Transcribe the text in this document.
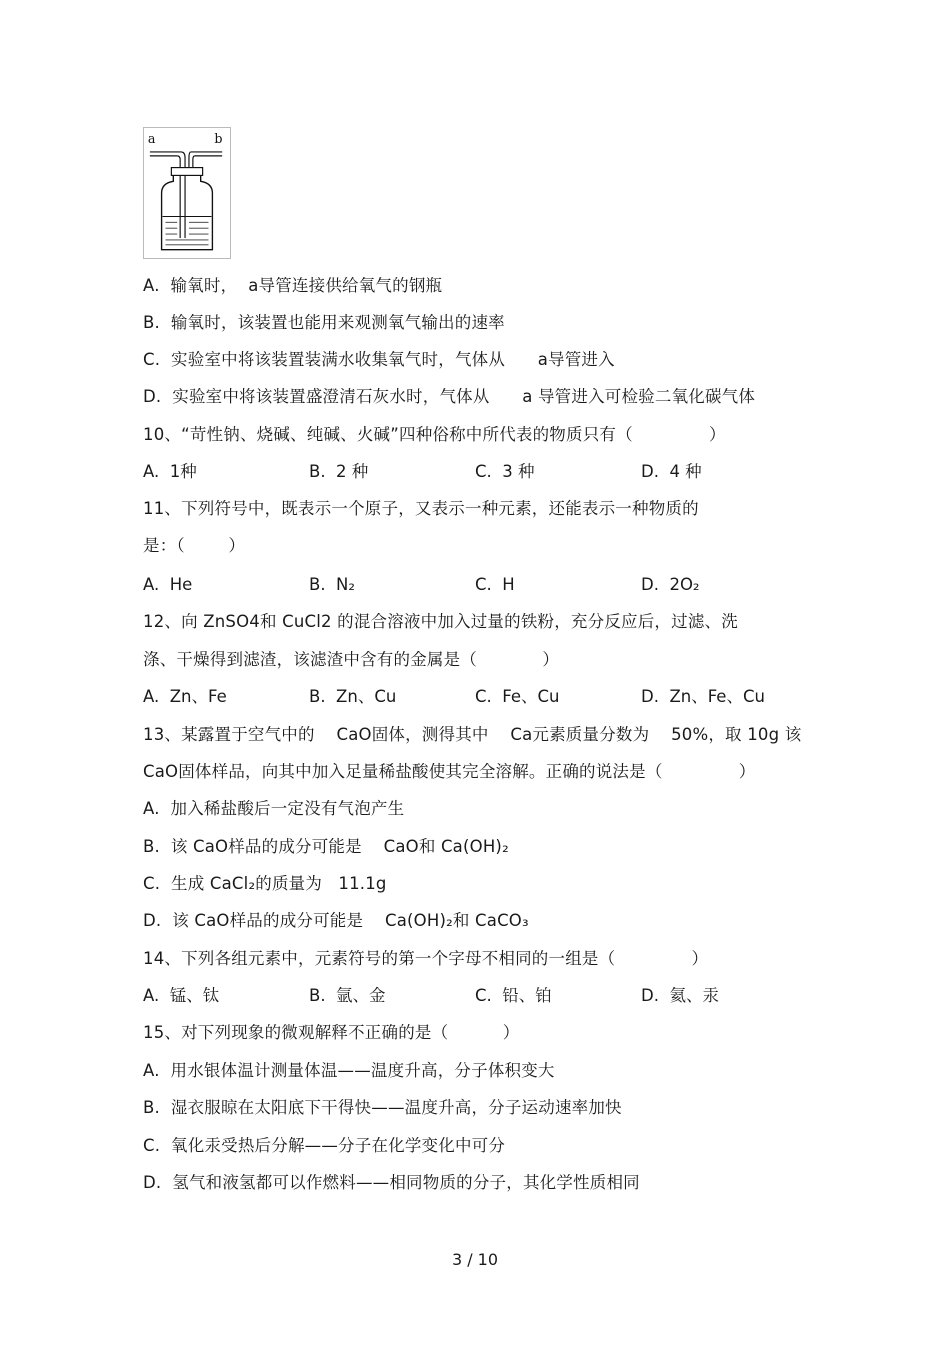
a	b
A.  输氧时，  a导管连接供给氧气的钢瓶
B.  输氧时，该装置也能用来观测氧气输出的速率
C.  实验室中将该装置装满水收集氧气时，气体从      a导管进入
D.  实验室中将该装置盛澄清石灰水时，气体从      a 导管进入可检验二氧化碳气体
10、“苛性钠、烧碱、纯碱、火碱”四种俗称中所代表的物质只有（              ）
A.  1种	B.  2 种	C.  3 种	D.  4 种
11、下列符号中，既表示一个原子，又表示一种元素，还能表示一种物质的
是：（        ）
A.  He	B.  N₂	C.  H	D.  2O₂
12、向 ZnSO4和 CuCl2 的混合溶液中加入过量的铁粉，充分反应后，过滤、洗
涤、干燥得到滤渣，该滤渣中含有的金属是（            ）
A.  Zn、Fe	B.  Zn、Cu	C.  Fe、Cu	D.  Zn、Fe、Cu
13、某露置于空气中的    CaO固体，测得其中    Ca元素质量分数为    50%，取 10g 该
CaO固体样品，向其中加入足量稀盐酸使其完全溶解。正确的说法是（              ）
A.  加入稀盐酸后一定没有气泡产生
B.  该 CaO样品的成分可能是    CaO和 Ca(OH)₂
C.  生成 CaCl₂的质量为   11.1g
D.  该 CaO样品的成分可能是    Ca(OH)₂和 CaCO₃
14、下列各组元素中，元素符号的第一个字母不相同的一组是（              ）
A.  锰、钛	B.  氩、金	C.  铅、铂	D.  氦、汞
15、对下列现象的微观解释不正确的是（          ）
A.  用水银体温计测量体温——温度升高，分子体积变大
B.  湿衣服晾在太阳底下干得快——温度升高，分子运动速率加快
C.  氧化汞受热后分解——分子在化学变化中可分
D.  氢气和液氢都可以作燃料——相同物质的分子，其化学性质相同
3 / 10
